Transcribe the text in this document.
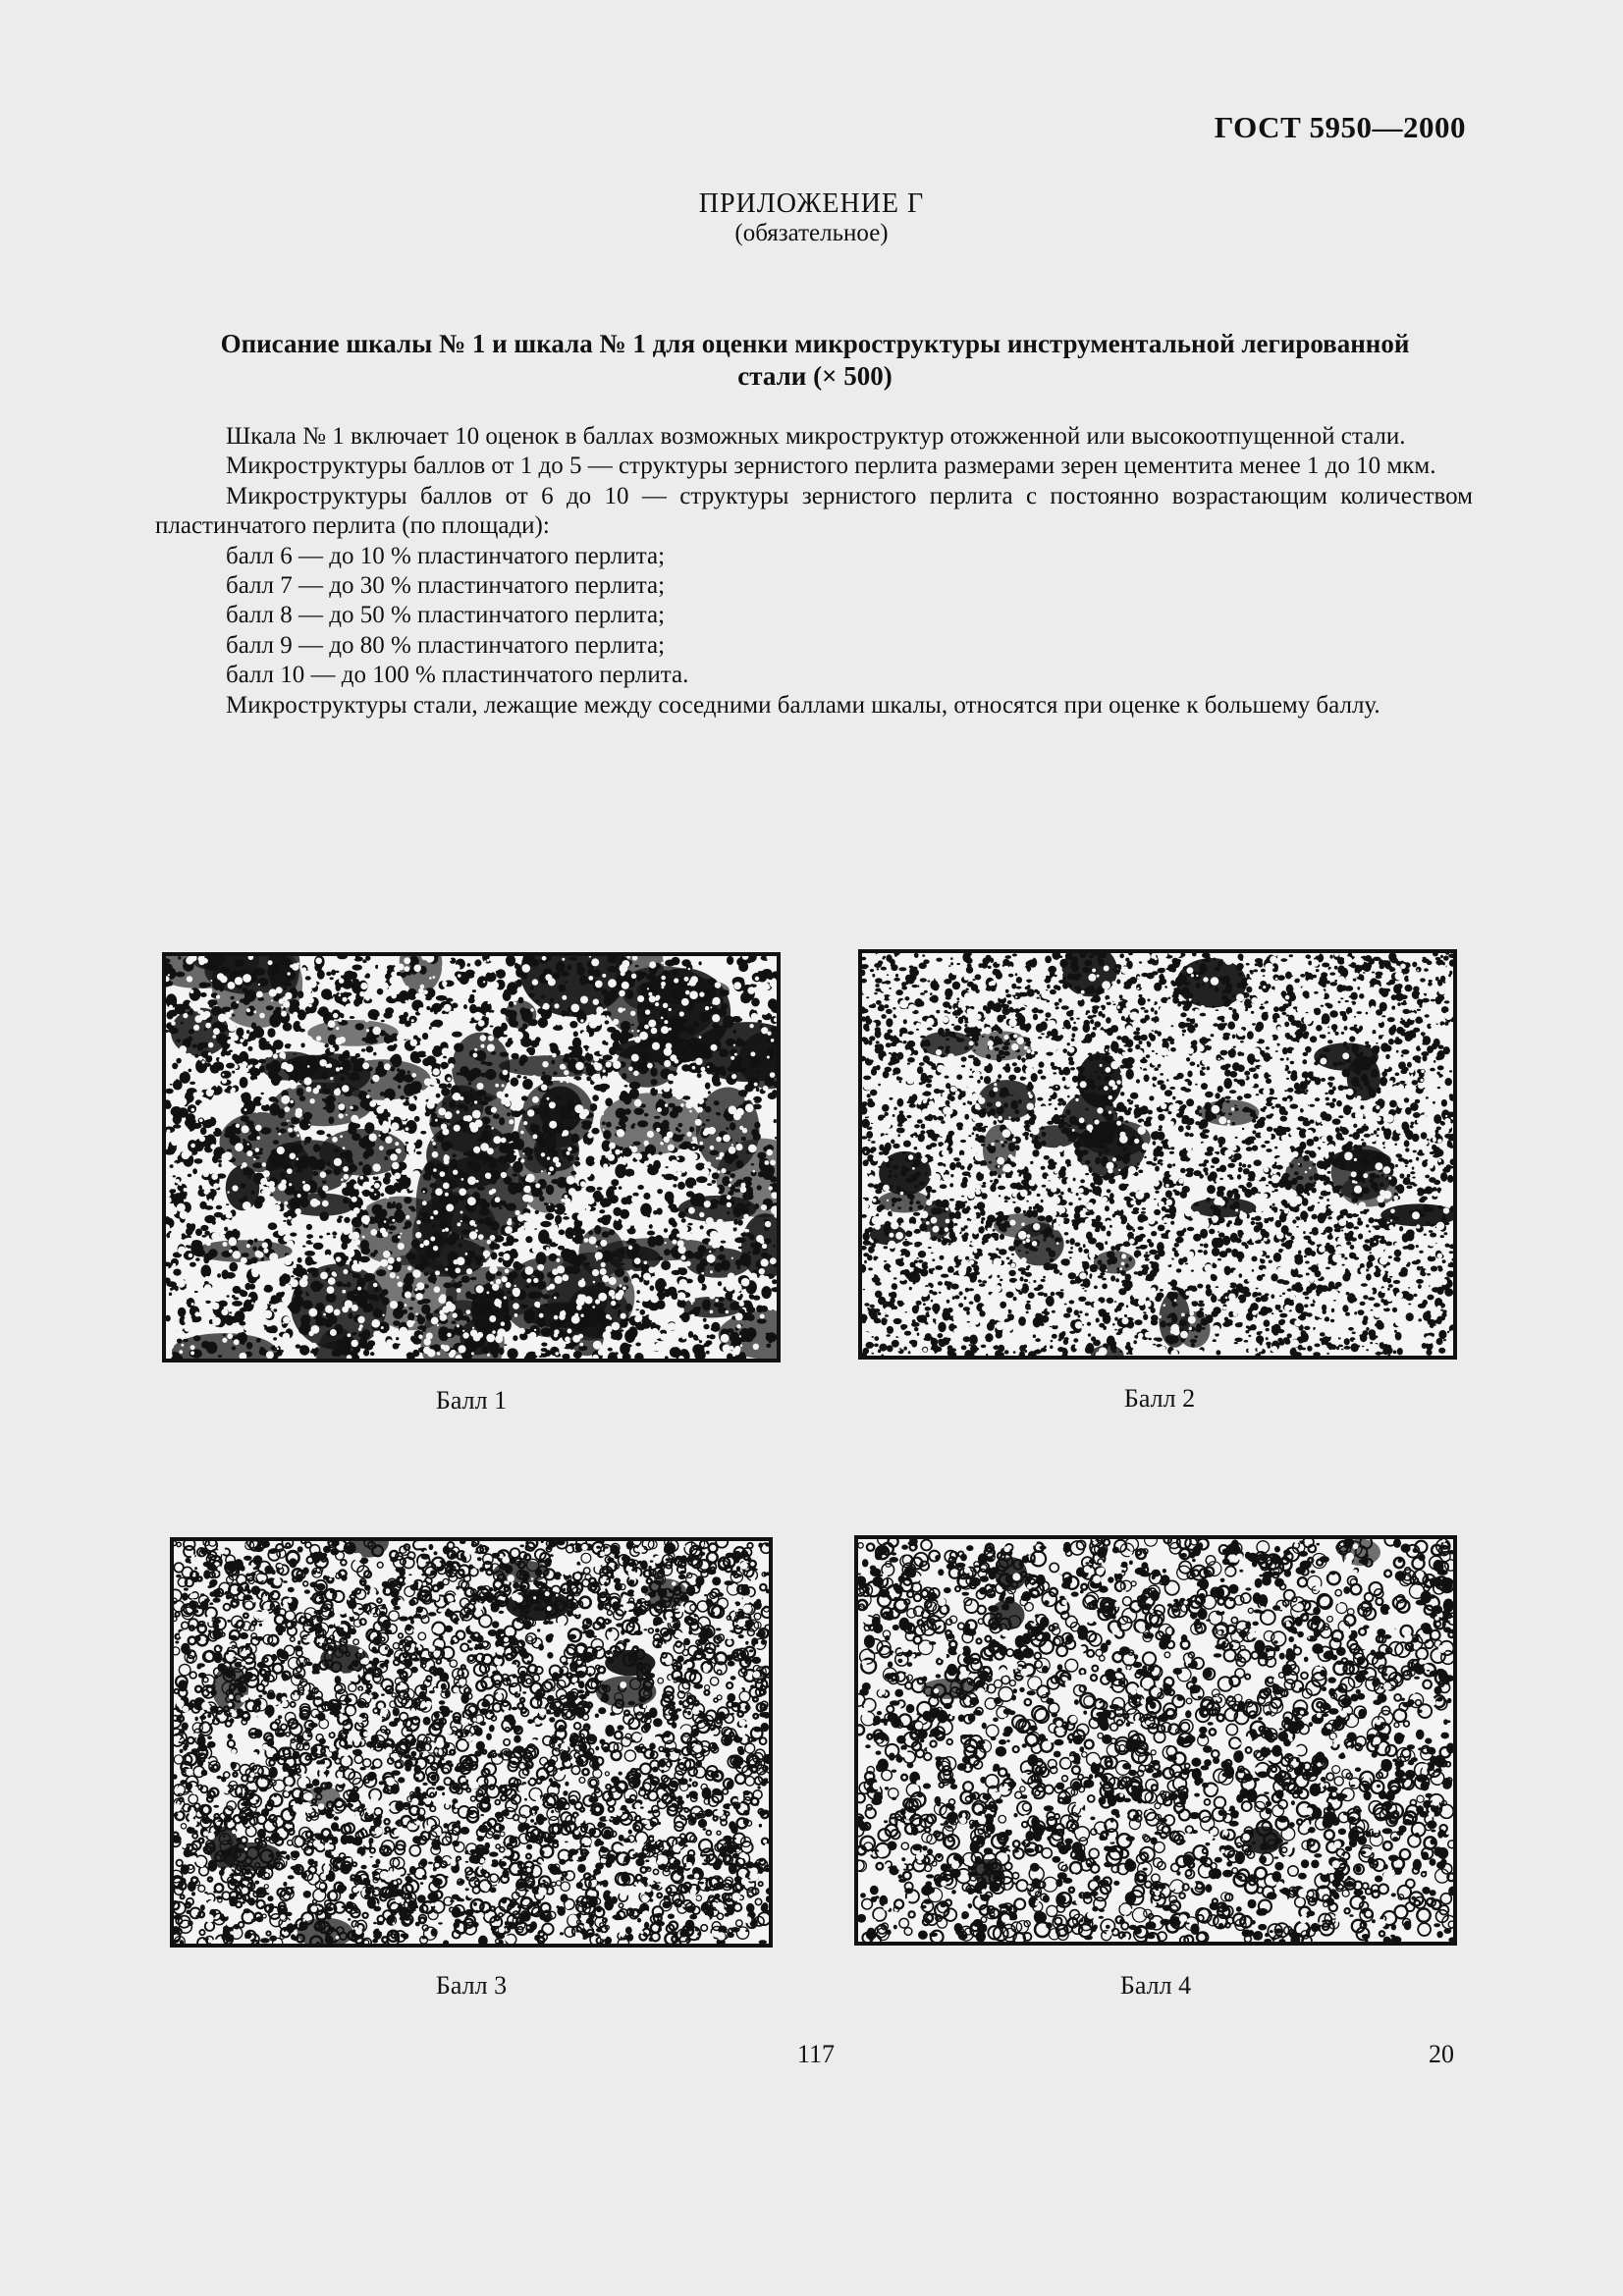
ГОСТ 5950—2000
ПРИЛОЖЕНИЕ Г
(обязательное)
Описание шкалы № 1 и шкала № 1 для оценки микроструктуры инструментальной легированной
стали (× 500)

Шкала № 1 включает 10 оценок в баллах возможных микроструктур отожженной или высокоотпущенной стали.

Микроструктуры баллов от 1 до 5 — структуры зернистого перлита размерами зерен цементита менее 1 до 10 мкм.

Микроструктуры баллов от 6 до 10 — структуры зернистого перлита с постоянно возрастающим количеством пластинчатого перлита (по площади):

балл 6 — до 10 % пластинчатого перлита;

балл 7 — до 30 % пластинчатого перлита;

балл 8 — до 50 % пластинчатого перлита;

балл 9 — до 80 % пластинчатого перлита;

балл 10 — до 100 % пластинчатого перлита.

Микроструктуры стали, лежащие между соседними баллами шкалы, относятся при оценке к большему баллу.

Балл 1	Балл 2
Балл 3	Балл 4
117	20
